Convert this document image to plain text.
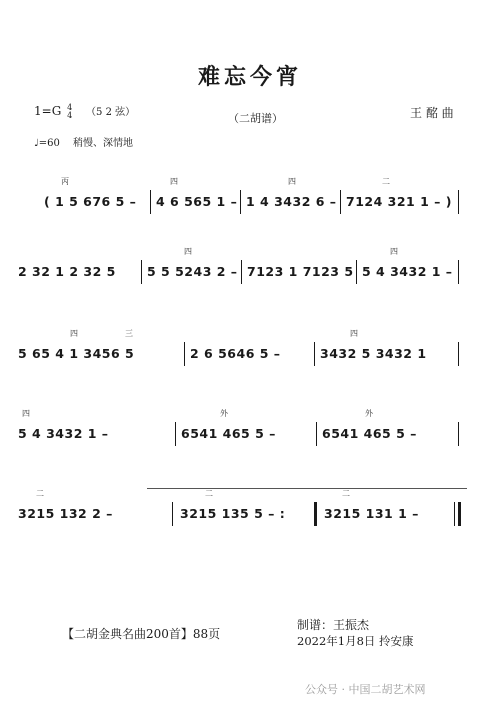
难忘今宵
1=G 4
4 （5 2 弦）	（二胡谱）	王 酩 曲
♩=60 稍慢、深情地
( 1 5 676 5 – 4 6 565 1 – 1 4 3432 6 – 7124 321 1 – )
丙	四	四	二
2 32 1 2 32 5 5 5 5243 2 – 7123 1 7123 5 5 4 3432 1 –
四	四
5 65 4 1 3456 5	2 6 5646 5 –	3432 5 3432 1
四	三	四
5 4 3432 1 –	6541 465 5 –	6541 465 5 –
四	外	外
3215 132 2 –	3215 135 5 – :	3215 131 1 –
二	二	二
【二胡金典名曲200首】88页
制谱：王振杰
2022年1月8日 拎安康
公众号 · 中国二胡艺术网
